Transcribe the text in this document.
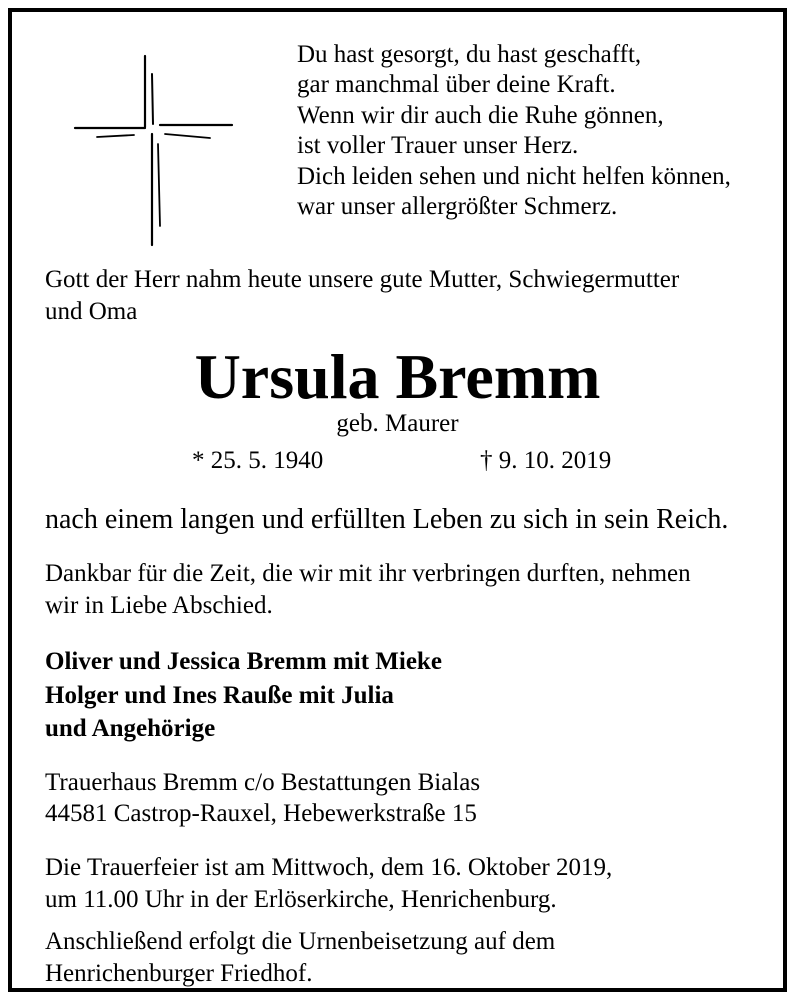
Du hast gesorgt, du hast geschafft,
gar manchmal über deine Kraft.
Wenn wir dir auch die Ruhe gönnen,
ist voller Trauer unser Herz.
Dich leiden sehen und nicht helfen können,
war unser allergrößter Schmerz.
Gott der Herr nahm heute unsere gute Mutter, Schwiegermutter
und Oma
Ursula Bremm
geb. Maurer
* 25. 5. 1940	† 9. 10. 2019
nach einem langen und erfüllten Leben zu sich in sein Reich.
Dankbar für die Zeit, die wir mit ihr verbringen durften, nehmen
wir in Liebe Abschied.
Oliver und Jessica Bremm mit Mieke
Holger und Ines Rauße mit Julia
und Angehörige
Trauerhaus Bremm c/o Bestattungen Bialas
44581 Castrop-Rauxel, Hebewerkstraße 15
Die Trauerfeier ist am Mittwoch, dem 16. Oktober 2019,
um 11.00 Uhr in der Erlöserkirche, Henrichenburg.
Anschließend erfolgt die Urnenbeisetzung auf dem
Henrichenburger Friedhof.
